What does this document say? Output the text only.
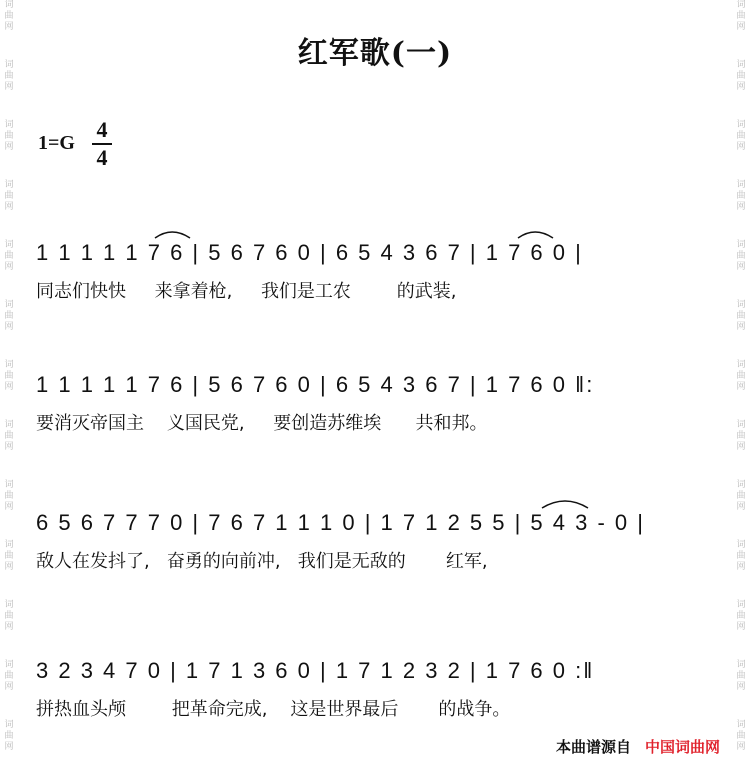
词
曲
网
词
曲
网
词
曲
网
词
曲
网
词
曲
网
词
曲
网
词
曲
网
词
曲
网
词
曲
网
词
曲
网
词
曲
网
词
曲
网
词
曲
网
词
曲
网
词
曲
网
词
曲
网
词
曲
网
词
曲
网
词
曲
网
词
曲
网
词
曲
网
词
曲
网
词
曲
网
词
曲
网
词
曲
网
词
曲
网
红军歌(一)
1=G
4
4
1 1 1 1 1 7 6 | 5 6 7 6 0 | 6 5 4 3 6 7 | 1 7 6 0 |
同志们快快     来拿着枪,     我们是工农        的武装,
1 1 1 1 1 7 6 | 5 6 7 6 0 | 6 5 4 3 6 7 | 1 7 6 0 ‖:
要消灭帝国主    义国民党,     要创造苏维埃      共和邦。
6 5 6 7 7 7 0 | 7 6 7 1 1 1 0 | 1 7 1 2 5 5 | 5 4 3 - 0 |
敌人在发抖了,   奋勇的向前冲,   我们是无敌的       红军,
3 2 3 4 7 0 | 1 7 1 3 6 0 | 1 7 1 2 3 2 | 1 7 6 0 :‖
拼热血头颅        把革命完成,    这是世界最后       的战争。
本曲谱源自 中国词曲网
